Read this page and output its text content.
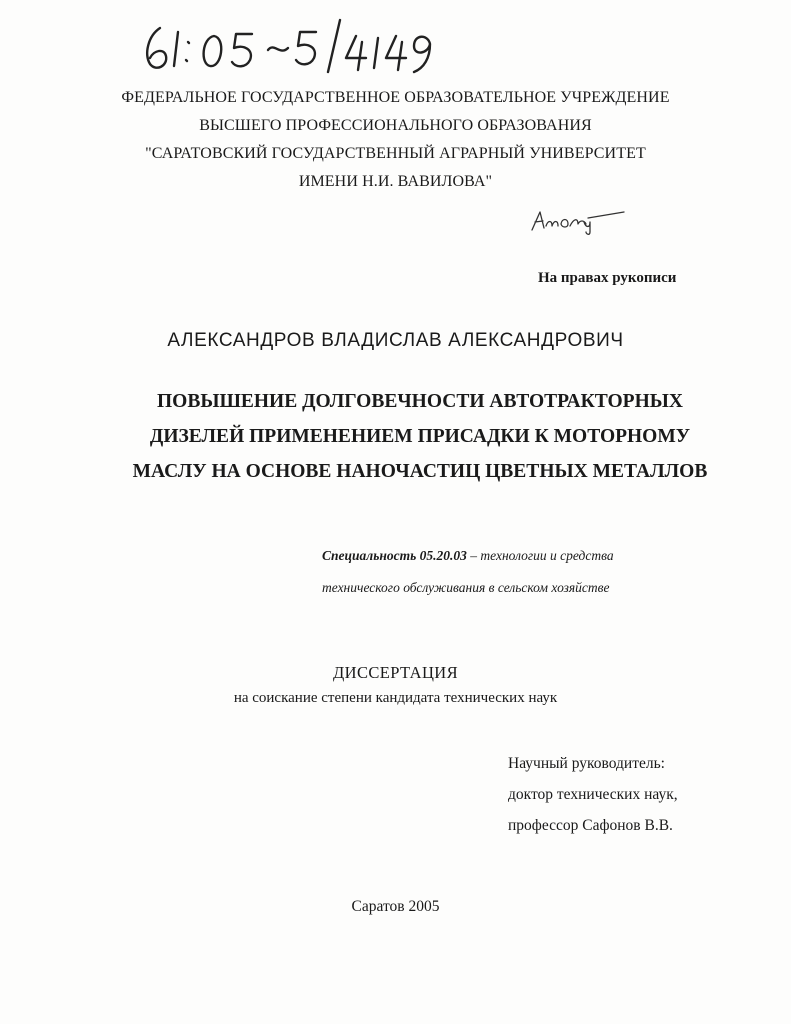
ФЕДЕРАЛЬНОЕ ГОСУДАРСТВЕННОЕ ОБРАЗОВАТЕЛЬНОЕ УЧРЕЖДЕНИЕ
ВЫСШЕГО ПРОФЕССИОНАЛЬНОГО ОБРАЗОВАНИЯ
"САРАТОВСКИЙ ГОСУДАРСТВЕННЫЙ АГРАРНЫЙ УНИВЕРСИТЕТ
ИМЕНИ Н.И. ВАВИЛОВА"
На правах рукописи
АЛЕКСАНДРОВ ВЛАДИСЛАВ АЛЕКСАНДРОВИЧ
ПОВЫШЕНИЕ ДОЛГОВЕЧНОСТИ АВТОТРАКТОРНЫХ
ДИЗЕЛЕЙ ПРИМЕНЕНИЕМ ПРИСАДКИ К МОТОРНОМУ
МАСЛУ НА ОСНОВЕ НАНОЧАСТИЦ ЦВЕТНЫХ МЕТАЛЛОВ
Специальность 05.20.03 – технологии и средства
технического обслуживания в сельском хозяйстве
ДИССЕРТАЦИЯ
на соискание степени кандидата технических наук
Научный руководитель:
доктор технических наук,
профессор Сафонов В.В.
Саратов 2005
